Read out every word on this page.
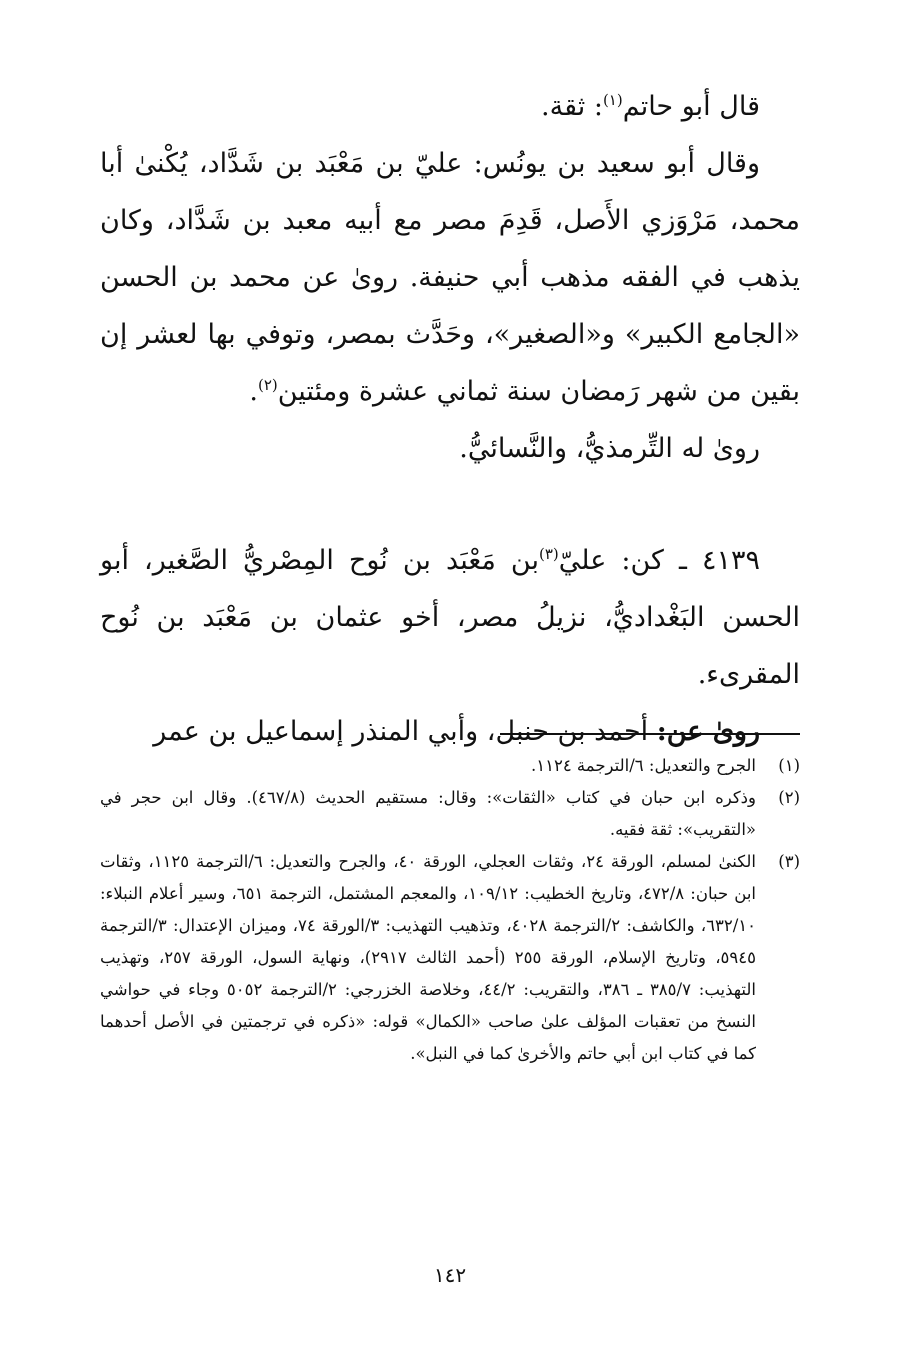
قال أبو حاتم$^{(١)}$: ثقة.

وقال أبو سعيد بن يونُس: عليّ بن مَعْبَد بن شَدَّاد، يُكْنىٰ أبا محمد، مَرْوَزي الأَصل، قَدِمَ مصر مع أبيه معبد بن شَدَّاد، وكان يذهب في الفقه مذهب أبي حنيفة. روىٰ عن محمد بن الحسن «الجامع الكبير» و«الصغير»، وحَدَّث بمصر، وتوفي بها لعشر إن بقين من شهر رَمضان سنة ثماني عشرة ومئتين$^{(٢)}$.

روىٰ له التِّرمذيُّ، والنَّسائيُّ.

٤١٣٩ ـ كن: عليّ$^{(٣)}$بن مَعْبَد بن نُوح المِصْريُّ الصَّغير، أبو الحسن البَغْداديُّ، نزيلُ مصر، أخو عثمان بن مَعْبَد بن نُوح المقرىء.

روىٰ عن: أحمد بن حنبل، وأبي المنذر إسماعيل بن عمر

(١)
الجرح والتعديل: ٦/الترجمة ١١٢٤.
(٢)
وذكره ابن حبان في كتاب «الثقات»: وقال: مستقيم الحديث (٤٦٧/٨). وقال ابن حجر في «التقريب»: ثقة فقيه.
(٣)
الكنىٰ لمسلم، الورقة ٢٤، وثقات العجلي، الورقة ٤٠، والجرح والتعديل: ٦/الترجمة ١١٢٥، وثقات ابن حبان: ٤٧٢/٨، وتاريخ الخطيب: ١٠٩/١٢، والمعجم المشتمل، الترجمة ٦٥١، وسير أعلام النبلاء: ٦٣٢/١٠، والكاشف: ٢/الترجمة ٤٠٢٨، وتذهيب التهذيب: ٣/الورقة ٧٤، وميزان الإعتدال: ٣/الترجمة ٥٩٤٥، وتاريخ الإسلام، الورقة ٢٥٥ (أحمد الثالث ٢٩١٧)، ونهاية السول، الورقة ٢٥٧، وتهذيب التهذيب: ٣٨٥/٧ ـ ٣٨٦، والتقريب: ٤٤/٢، وخلاصة الخزرجي: ٢/الترجمة ٥٠٥٢ وجاء في حواشي النسخ من تعقبات المؤلف علىٰ صاحب «الكمال» قوله: «ذكره في ترجمتين في الأصل أحدهما كما في كتاب ابن أبي حاتم والأخرىٰ كما في النبل».
١٤٢
